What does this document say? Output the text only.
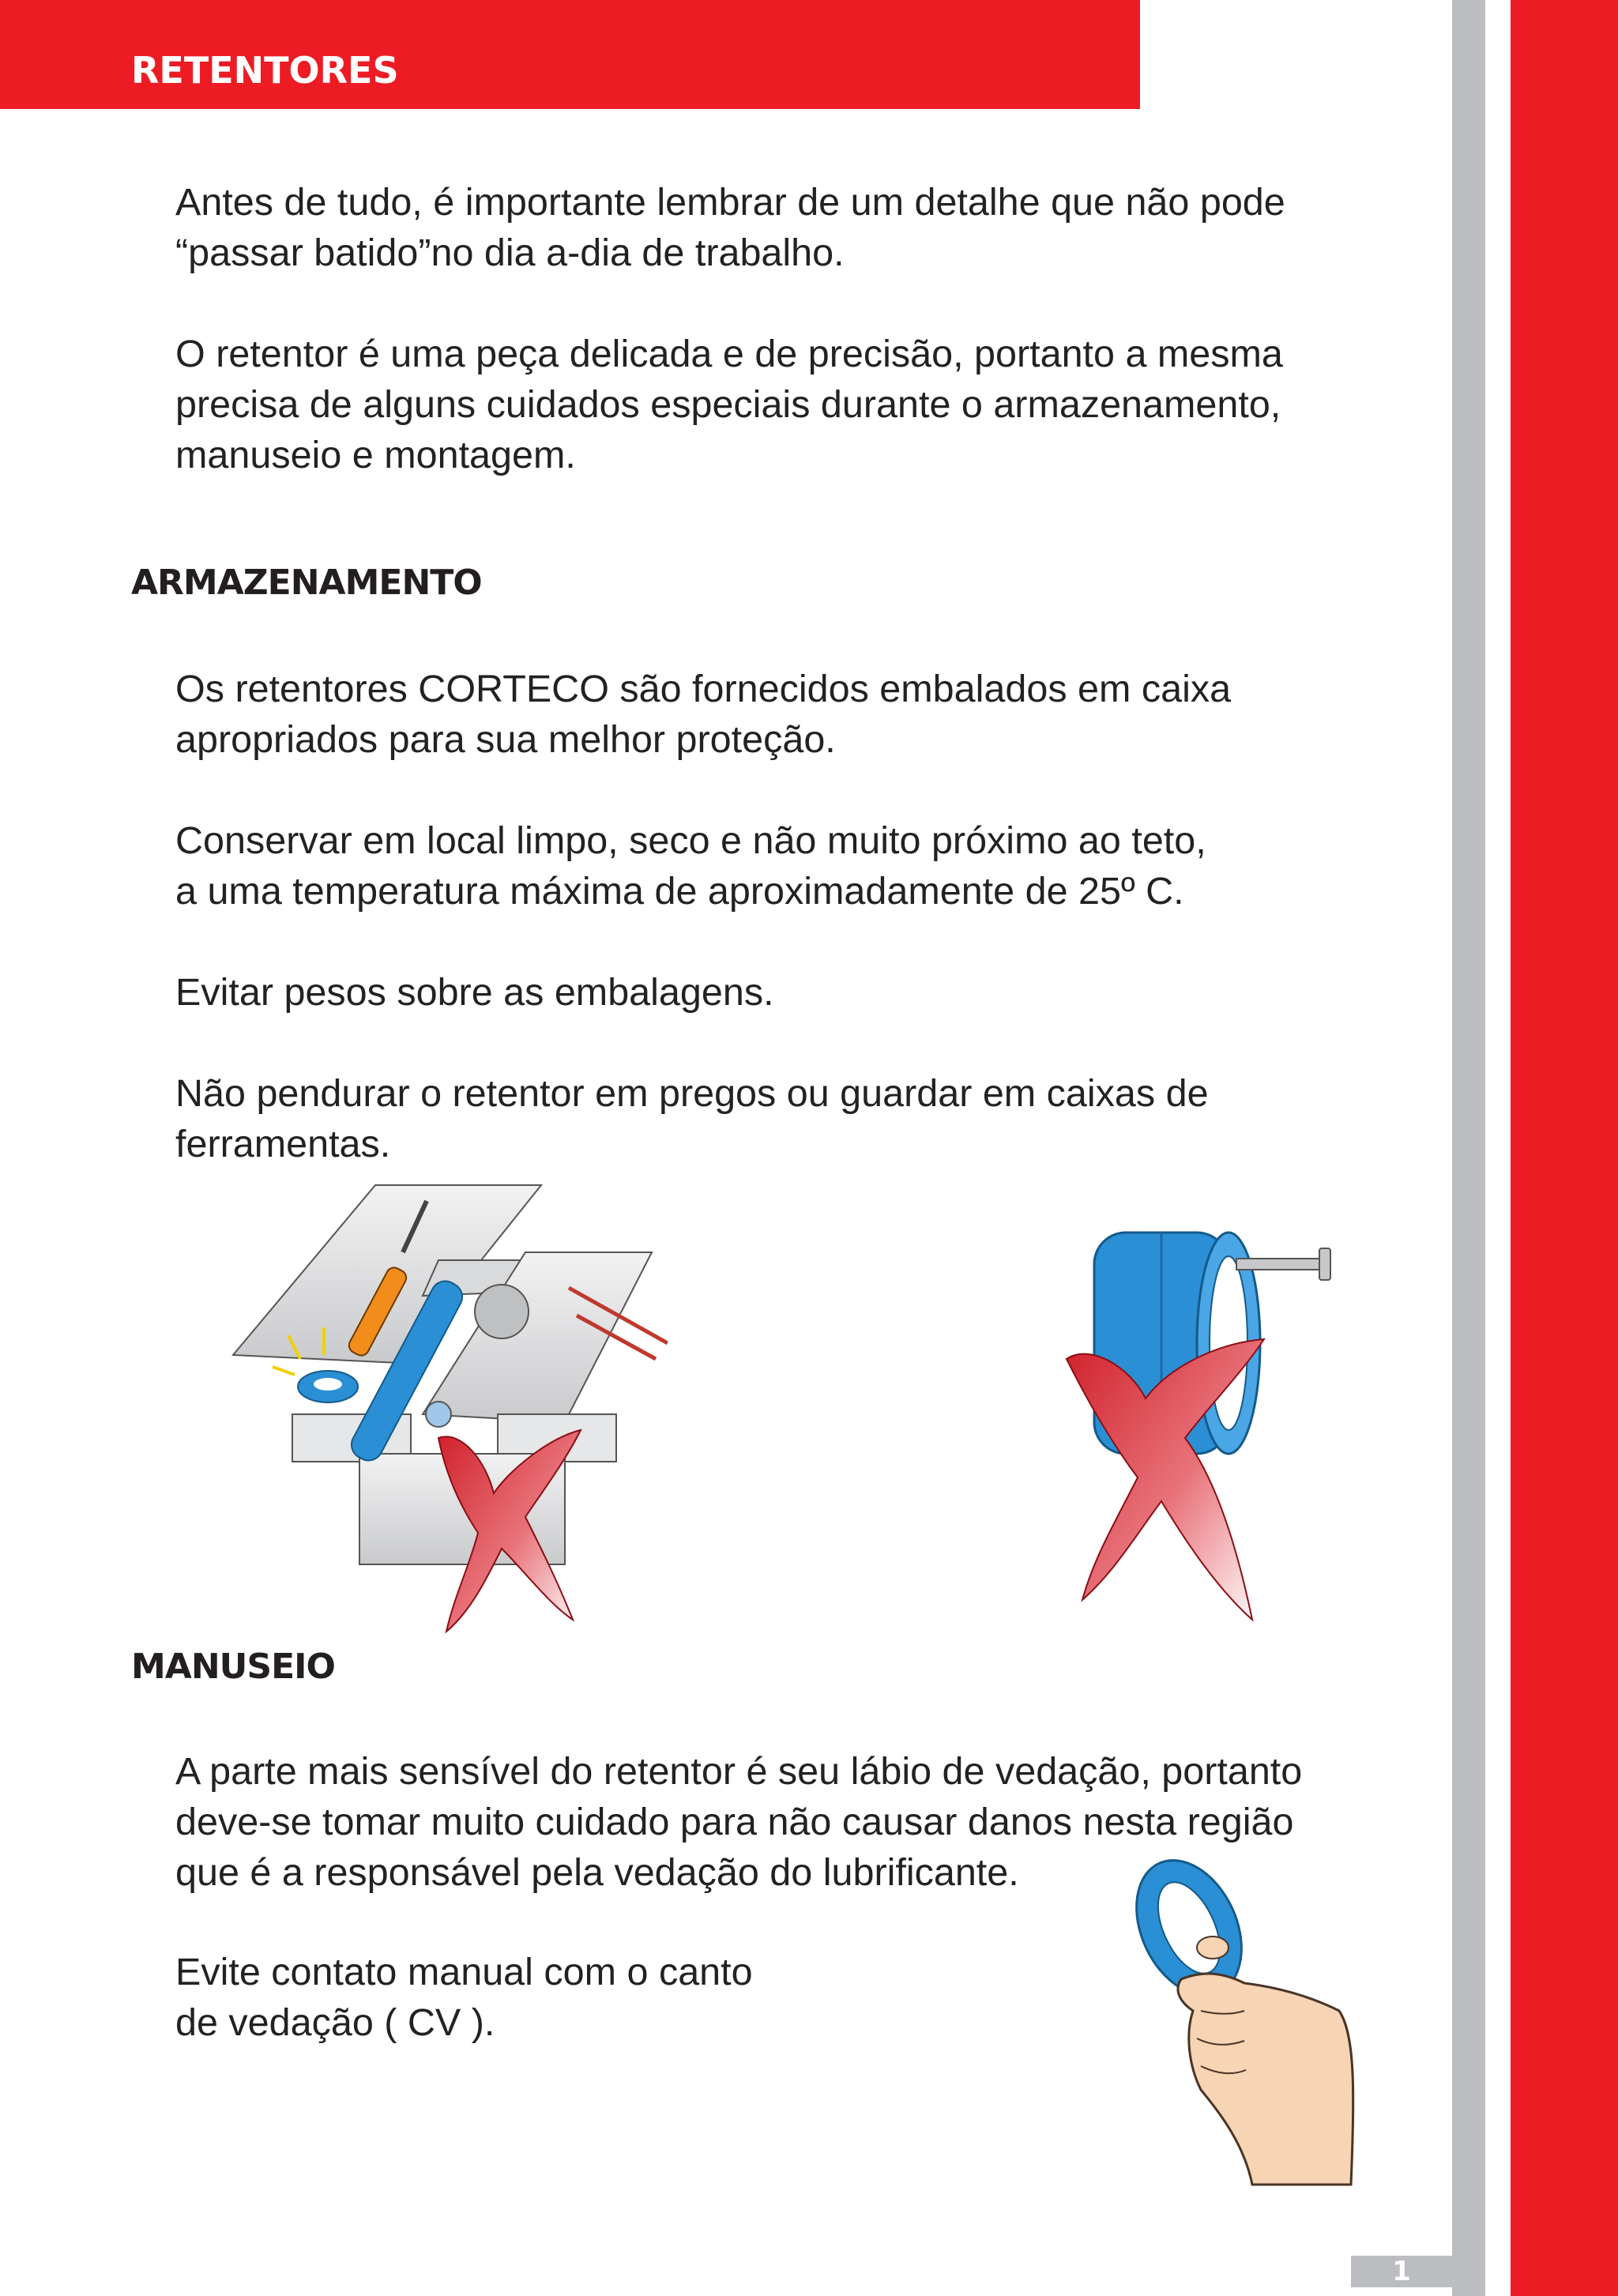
RETENTORES

Antes de tudo, é importante lembrar de um detalhe que não pode
“passar batido”no dia a-dia de trabalho.

O retentor é uma peça delicada e de precisão, portanto a mesma
precisa de alguns cuidados especiais durante o armazenamento,
manuseio e montagem.

ARMAZENAMENTO

Os retentores CORTECO são fornecidos embalados em caixa
apropriados para sua melhor proteção.

Conservar em local limpo, seco e não muito próximo ao teto,
a uma temperatura máxima de aproximadamente de 25º C.

Evitar pesos sobre as embalagens.

Não pendurar o retentor em pregos ou guardar em caixas de
ferramentas.

MANUSEIO

A parte mais sensível do retentor é seu lábio de vedação, portanto
deve-se tomar muito cuidado para não causar danos nesta região
que é a responsável pela vedação do lubrificante.

Evite contato manual com o canto
de vedação ( CV ).

1
